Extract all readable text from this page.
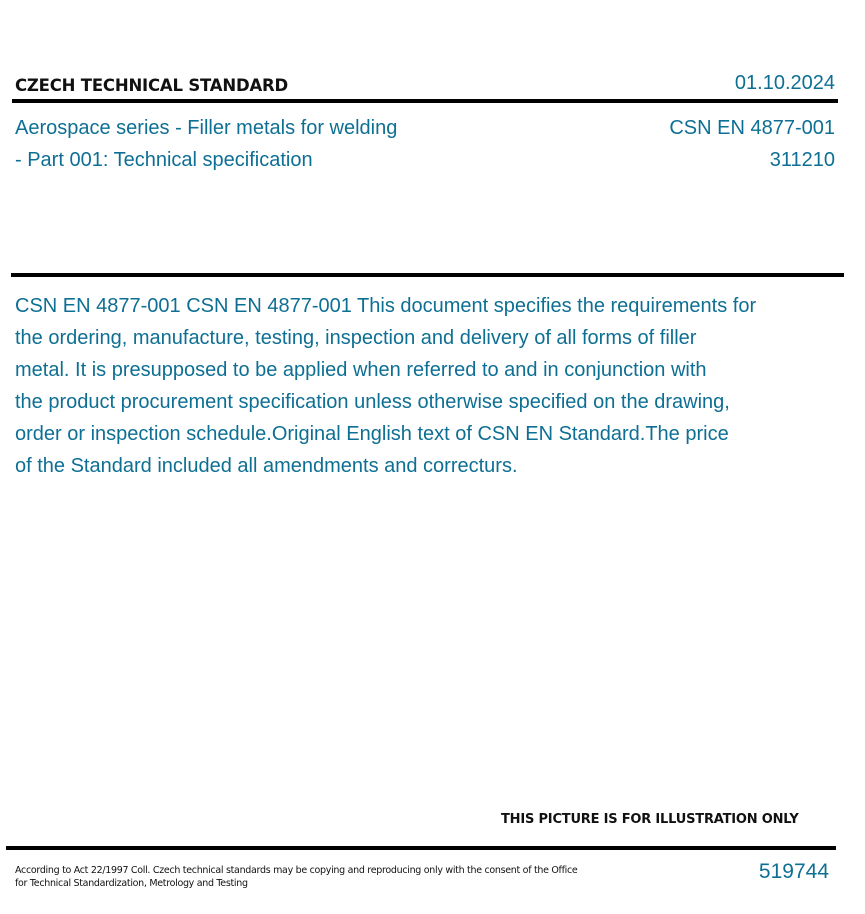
CZECH TECHNICAL STANDARD	01.10.2024
Aerospace series - Filler metals for welding
- Part 001: Technical specification
CSN EN 4877-001
311210
CSN EN 4877-001 CSN EN 4877-001 This document specifies the requirements for
the ordering, manufacture, testing, inspection and delivery of all forms of filler
metal. It is presupposed to be applied when referred to and in conjunction with
the product procurement specification unless otherwise specified on the drawing,
order or inspection schedule.Original English text of CSN EN Standard.The price
of the Standard included all amendments and correcturs.
THIS PICTURE IS FOR ILLUSTRATION ONLY
According to Act 22/1997 Coll. Czech technical standards may be copying and reproducing only with the consent of the Office
for Technical Standardization, Metrology and Testing
519744
